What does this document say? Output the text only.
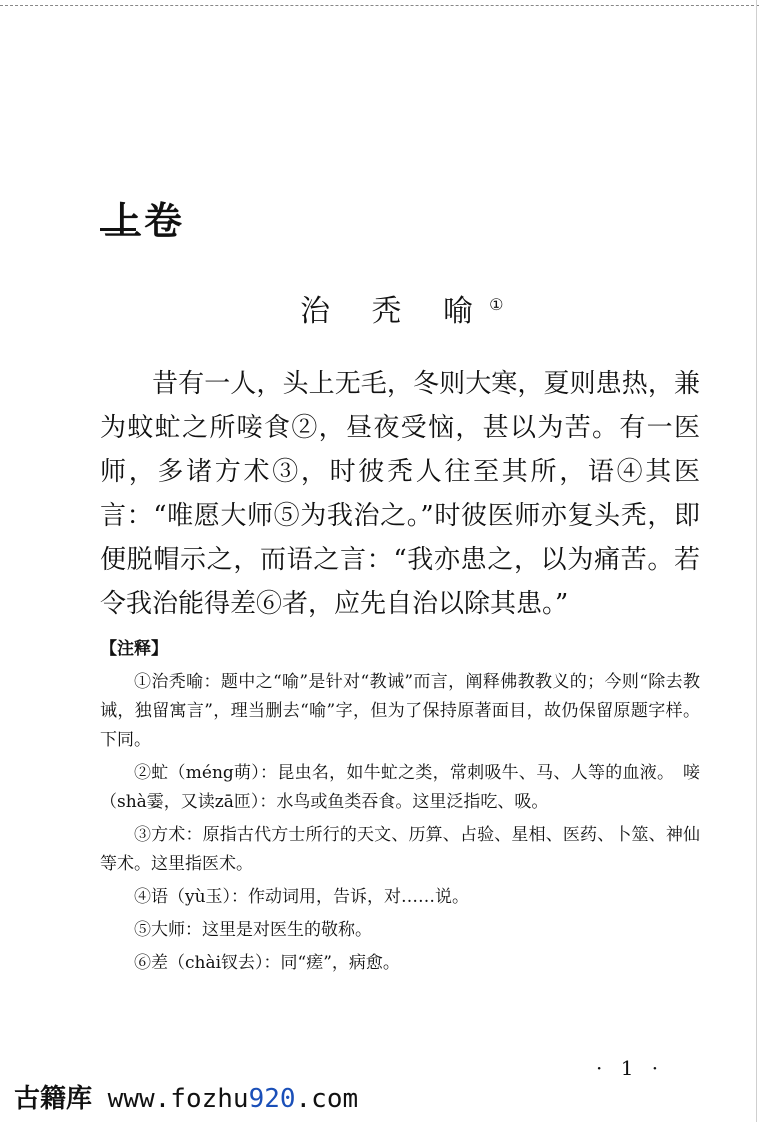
上卷
治 秃 喻①

昔有一人，头上无毛，冬则大寒，夏则患热，兼为蚊虻之所唼食②，昼夜受恼，甚以为苦。有一医师，多诸方术③，时彼秃人往至其所，语④其医言：“唯愿大师⑤为我治之。”时彼医师亦复头秃，即便脱帽示之，而语之言：“我亦患之，以为痛苦。若令我治能得差⑥者，应先自治以除其患。”

【注释】

①治秃喻：题中之“喻”是针对“教诫”而言，阐释佛教教义的；今则“除去教诫，独留寓言”，理当删去“喻”字，但为了保持原著面目，故仍保留原题字样。下同。

②虻（méng萌）：昆虫名，如牛虻之类，常刺吸牛、马、人等的血液。　唼（shà霎，又读zā匝）：水鸟或鱼类吞食。这里泛指吃、吸。

③方术：原指古代方士所行的天文、历算、占验、星相、医药、卜筮、神仙等术。这里指医术。

④语（yù玉）：作动词用，告诉，对……说。

⑤大师：这里是对医生的敬称。

⑥差（chài钗去）：同“瘥”，病愈。

· 1 ·
古籍库 www.fozhu920.com
